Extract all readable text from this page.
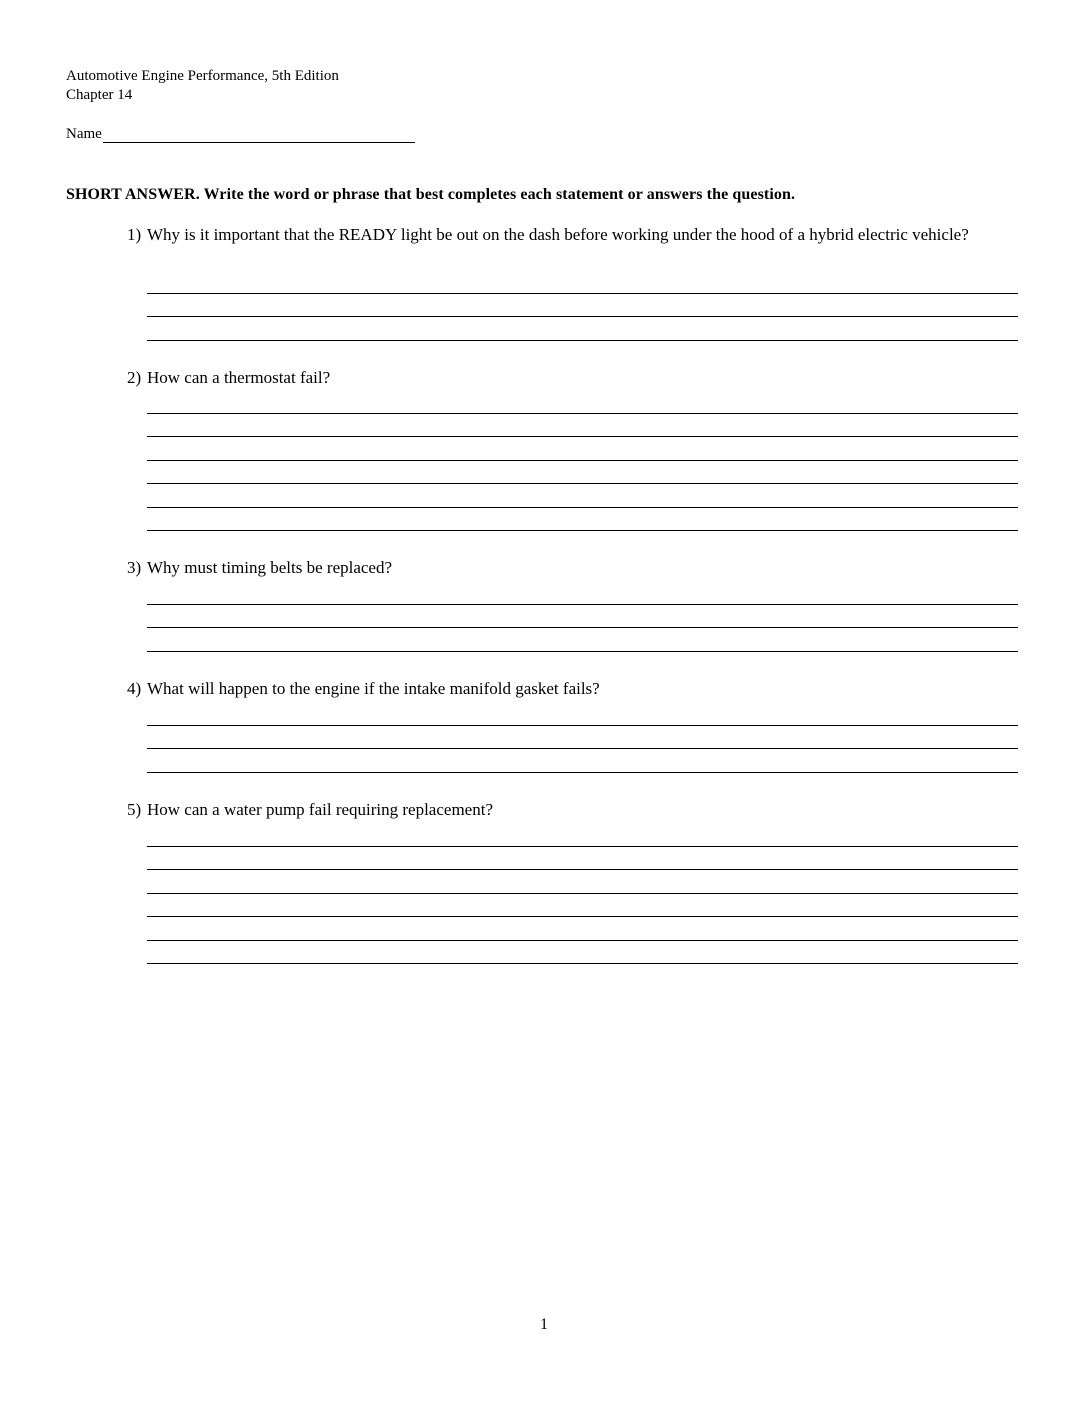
Automotive Engine Performance, 5th Edition
Chapter 14
Name
SHORT ANSWER. Write the word or phrase that best completes each statement or answers the question.
1) Why is it important that the READY light be out on the dash before working under the hood of a hybrid electric vehicle?
2) How can a thermostat fail?
3) Why must timing belts be replaced?
4) What will happen to the engine if the intake manifold gasket fails?
5) How can a water pump fail requiring replacement?
1
